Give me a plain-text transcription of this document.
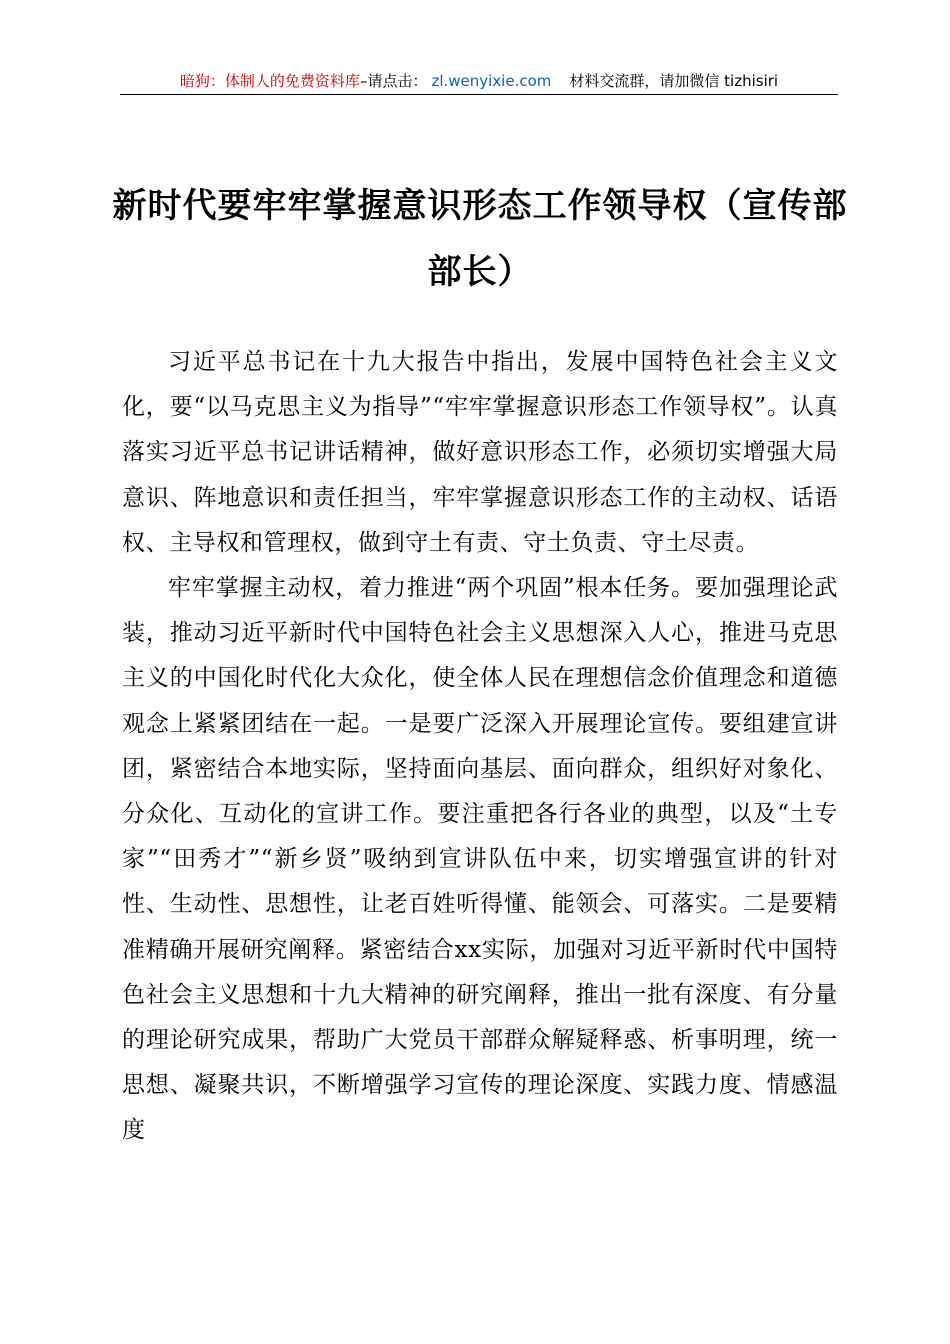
暗狗：体制人的免费资料库–请点击： zl.wenyixie.com 材料交流群，请加微信 tizhisiri
新时代要牢牢掌握意识形态工作领导权（宣传部部长）

习近平总书记在十九大报告中指出，发展中国特色社会主义文化，要“以马克思主义为指导”“牢牢掌握意识形态工作领导权”。认真落实习近平总书记讲话精神，做好意识形态工作，必须切实增强大局意识、阵地意识和责任担当，牢牢掌握意识形态工作的主动权、话语权、主导权和管理权，做到守土有责、守土负责、守土尽责。

牢牢掌握主动权，着力推进“两个巩固”根本任务。要加强理论武装，推动习近平新时代中国特色社会主义思想深入人心，推进马克思主义的中国化时代化大众化，使全体人民在理想信念价值理念和道德观念上紧紧团结在一起。一是要广泛深入开展理论宣传。要组建宣讲团，紧密结合本地实际，坚持面向基层、面向群众，组织好对象化、分众化、互动化的宣讲工作。要注重把各行各业的典型，以及“土专家”“田秀才”“新乡贤”吸纳到宣讲队伍中来，切实增强宣讲的针对性、生动性、思想性，让老百姓听得懂、能领会、可落实。二是要精准精确开展研究阐释。紧密结合xx实际，加强对习近平新时代中国特色社会主义思想和十九大精神的研究阐释，推出一批有深度、有分量的理论研究成果，帮助广大党员干部群众解疑释惑、析事明理，统一思想、凝聚共识，不断增强学习宣传的理论深度、实践力度、情感温度
